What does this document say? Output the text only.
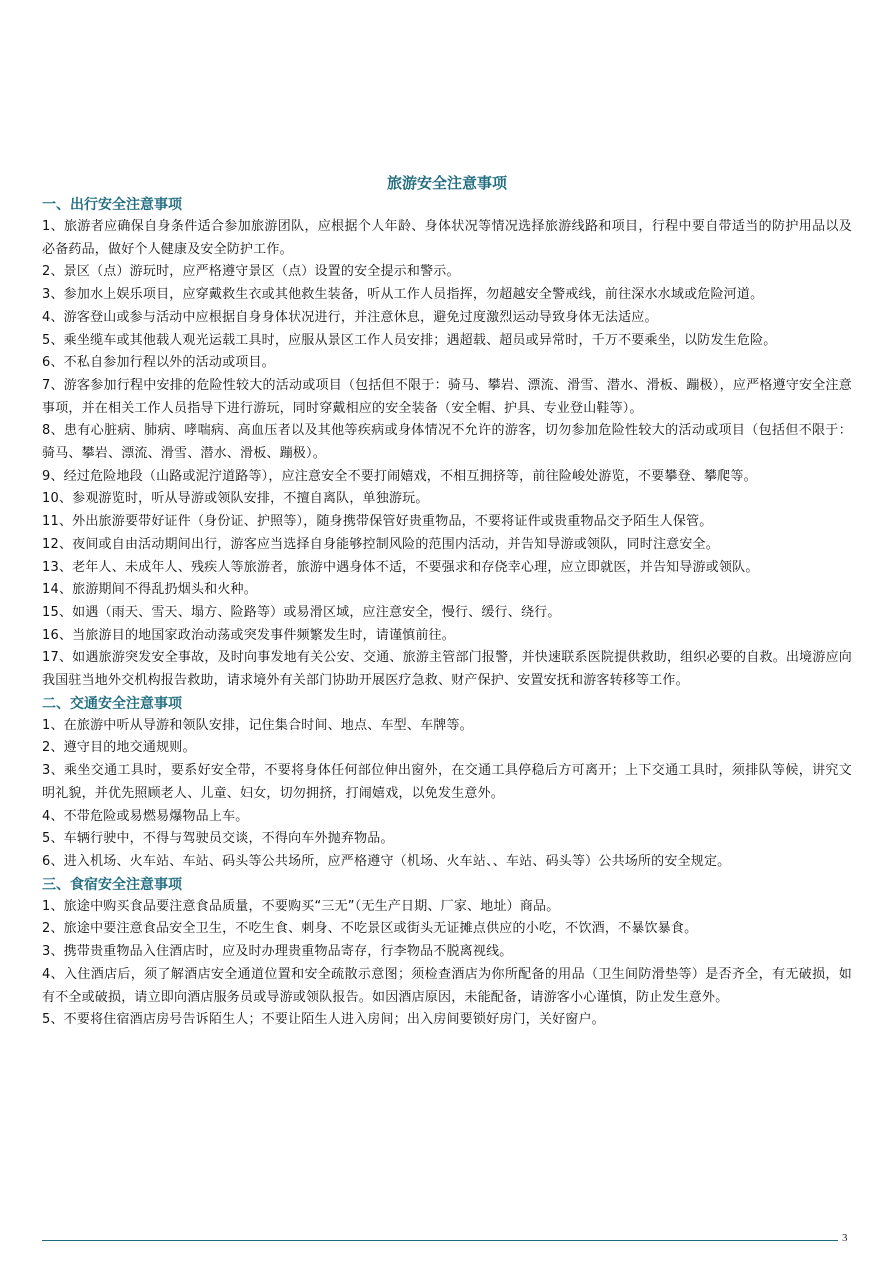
旅游安全注意事项
一、出行安全注意事项

1、旅游者应确保自身条件适合参加旅游团队，应根据个人年龄、身体状况等情况选择旅游线路和项目，行程中要自带适当的防护用品以及必备药品，做好个人健康及安全防护工作。

2、景区（点）游玩时，应严格遵守景区（点）设置的安全提示和警示。

3、参加水上娱乐项目，应穿戴救生衣或其他救生装备，听从工作人员指挥，勿超越安全警戒线，前往深水水域或危险河道。

4、游客登山或参与活动中应根据自身身体状况进行，并注意休息，避免过度激烈运动导致身体无法适应。

5、乘坐缆车或其他载人观光运载工具时，应服从景区工作人员安排；遇超载、超员或异常时，千万不要乘坐，以防发生危险。

6、不私自参加行程以外的活动或项目。

7、游客参加行程中安排的危险性较大的活动或项目（包括但不限于：骑马、攀岩、漂流、滑雪、潜水、滑板、蹦极），应严格遵守安全注意事项，并在相关工作人员指导下进行游玩，同时穿戴相应的安全装备（安全帽、护具、专业登山鞋等）。

8、患有心脏病、肺病、哮喘病、高血压者以及其他等疾病或身体情况不允许的游客，切勿参加危险性较大的活动或项目（包括但不限于：骑马、攀岩、漂流、滑雪、潜水、滑板、蹦极）。

9、经过危险地段（山路或泥泞道路等），应注意安全不要打闹嬉戏，不相互拥挤等，前往险峻处游览，不要攀登、攀爬等。

10、参观游览时，听从导游或领队安排，不擅自离队，单独游玩。

11、外出旅游要带好证件（身份证、护照等），随身携带保管好贵重物品，不要将证件或贵重物品交予陌生人保管。

12、夜间或自由活动期间出行，游客应当选择自身能够控制风险的范围内活动，并告知导游或领队，同时注意安全。

13、老年人、未成年人、残疾人等旅游者，旅游中遇身体不适，不要强求和存侥幸心理，应立即就医，并告知导游或领队。

14、旅游期间不得乱扔烟头和火种。

15、如遇（雨天、雪天、塌方、险路等）或易滑区域，应注意安全，慢行、缓行、绕行。

16、当旅游目的地国家政治动荡或突发事件频繁发生时，请谨慎前往。

17、如遇旅游突发安全事故，及时向事发地有关公安、交通、旅游主管部门报警，并快速联系医院提供救助，组织必要的自救。出境游应向我国驻当地外交机构报告救助，请求境外有关部门协助开展医疗急救、财产保护、安置安抚和游客转移等工作。

二、交通安全注意事项

1、在旅游中听从导游和领队安排，记住集合时间、地点、车型、车牌等。

2、遵守目的地交通规则。

3、乘坐交通工具时，要系好安全带，不要将身体任何部位伸出窗外，在交通工具停稳后方可离开；上下交通工具时，须排队等候，讲究文明礼貌，并优先照顾老人、儿童、妇女，切勿拥挤，打闹嬉戏，以免发生意外。

4、不带危险或易燃易爆物品上车。

5、车辆行驶中，不得与驾驶员交谈，不得向车外抛弃物品。

6、进入机场、火车站、车站、码头等公共场所，应严格遵守（机场、火车站、、车站、码头等）公共场所的安全规定。

三、食宿安全注意事项

1、旅途中购买食品要注意食品质量，不要购买“三无”（无生产日期、厂家、地址）商品。

2、旅途中要注意食品安全卫生，不吃生食、刺身、不吃景区或街头无证摊点供应的小吃，不饮酒，不暴饮暴食。

3、携带贵重物品入住酒店时，应及时办理贵重物品寄存，行李物品不脱离视线。

4、入住酒店后，须了解酒店安全通道位置和安全疏散示意图；须检查酒店为你所配备的用品（卫生间防滑垫等）是否齐全，有无破损，如有不全或破损，请立即向酒店服务员或导游或领队报告。如因酒店原因，未能配备，请游客小心谨慎，防止发生意外。

5、不要将住宿酒店房号告诉陌生人；不要让陌生人进入房间；出入房间要锁好房门，关好窗户。

3
